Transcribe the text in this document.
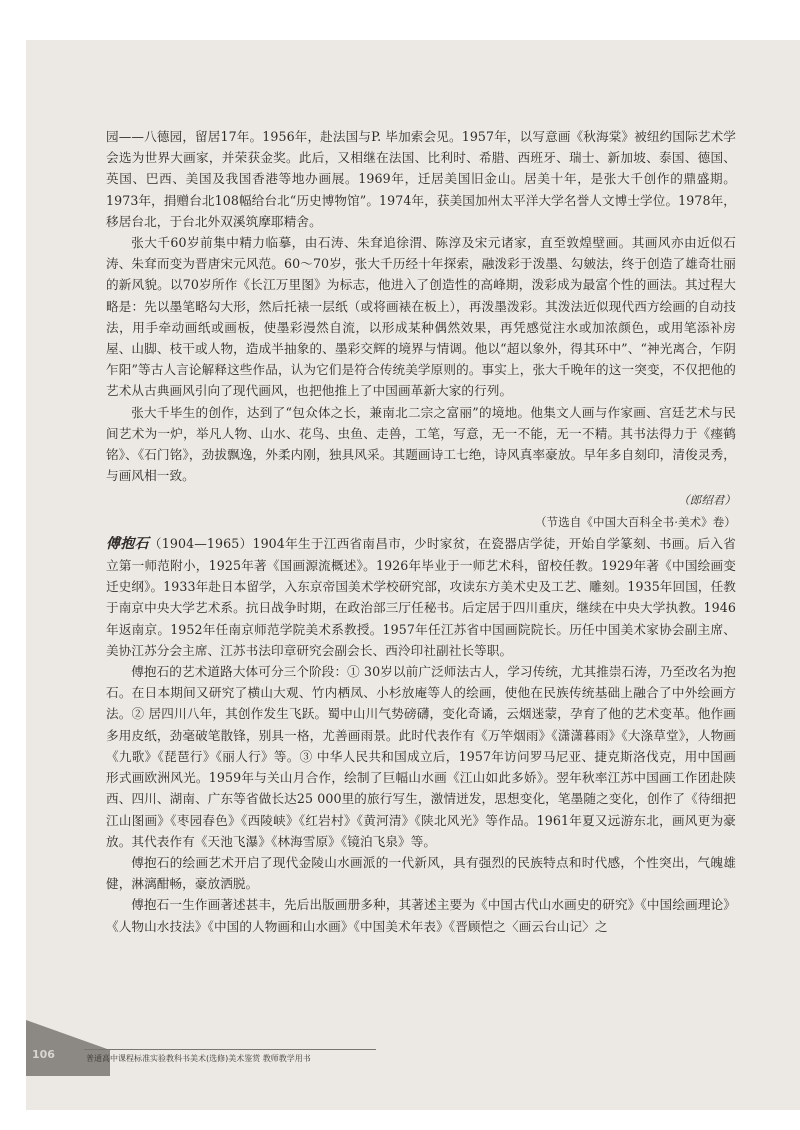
园——八德园，留居17年。1956年，赴法国与P. 毕加索会见。1957年，以写意画《秋海棠》被纽约国际艺术学会选为世界大画家，并荣获金奖。此后，又相继在法国、比利时、希腊、西班牙、瑞士、新加坡、泰国、德国、英国、巴西、美国及我国香港等地办画展。1969年，迁居美国旧金山。居美十年，是张大千创作的鼎盛期。1973年，捐赠台北108幅给台北“历史博物馆”。1974年，获美国加州太平洋大学名誉人文博士学位。1978年，移居台北，于台北外双溪筑摩耶精舍。

张大千60岁前集中精力临摹，由石涛、朱耷追徐渭、陈淳及宋元诸家，直至敦煌壁画。其画风亦由近似石涛、朱耷而变为晋唐宋元风范。60～70岁，张大千历经十年探索，融泼彩于泼墨、勾皴法，终于创造了雄奇壮丽的新风貌。以70岁所作《长江万里图》为标志，他进入了创造性的高峰期，泼彩成为最富个性的画法。其过程大略是：先以墨笔略勾大形，然后托裱一层纸（或将画裱在板上），再泼墨泼彩。其泼法近似现代西方绘画的自动技法，用手牵动画纸或画板，使墨彩漫然自流，以形成某种偶然效果，再凭感觉注水或加浓颜色，或用笔添补房屋、山脚、枝干或人物，造成半抽象的、墨彩交辉的境界与情调。他以“超以象外，得其环中”、“神光离合，乍阴乍阳”等古人言论解释这些作品，认为它们是符合传统美学原则的。事实上，张大千晚年的这一突变，不仅把他的艺术从古典画风引向了现代画风，也把他推上了中国画革新大家的行列。

张大千毕生的创作，达到了“包众体之长，兼南北二宗之富丽”的境地。他集文人画与作家画、宫廷艺术与民间艺术为一炉，举凡人物、山水、花鸟、虫鱼、走兽，工笔，写意，无一不能，无一不精。其书法得力于《瘗鹤铭》、《石门铭》，劲拔飘逸，外柔内刚，独具风采。其题画诗工七绝，诗风真率豪放。早年多自刻印，清俊灵秀，与画风相一致。

（郎绍君）

（节选自《中国大百科全书·美术》卷）

傅抱石（1904—1965）1904年生于江西省南昌市，少时家贫，在瓷器店学徒，开始自学篆刻、书画。后入省立第一师范附小，1925年著《国画源流概述》。1926年毕业于一师艺术科，留校任教。1929年著《中国绘画变迁史纲》。1933年赴日本留学，入东京帝国美术学校研究部，攻读东方美术史及工艺、雕刻。1935年回国，任教于南京中央大学艺术系。抗日战争时期，在政治部三厅任秘书。后定居于四川重庆，继续在中央大学执教。1946年返南京。1952年任南京师范学院美术系教授。1957年任江苏省中国画院院长。历任中国美术家协会副主席、美协江苏分会主席、江苏书法印章研究会副会长、西泠印社副社长等职。

傅抱石的艺术道路大体可分三个阶段：① 30岁以前广泛师法古人，学习传统，尤其推崇石涛，乃至改名为抱石。在日本期间又研究了横山大观、竹内栖凤、小杉放庵等人的绘画，使他在民族传统基础上融合了中外绘画方法。② 居四川八年，其创作发生飞跃。蜀中山川气势磅礴，变化奇谲，云烟迷蒙，孕育了他的艺术变革。他作画多用皮纸，劲毫破笔散锋，别具一格，尤善画雨景。此时代表作有《万竿烟雨》《潇潇暮雨》《大涤草堂》，人物画《九歌》《琵琶行》《丽人行》等。③ 中华人民共和国成立后，1957年访问罗马尼亚、捷克斯洛伐克，用中国画形式画欧洲风光。1959年与关山月合作，绘制了巨幅山水画《江山如此多娇》。翌年秋率江苏中国画工作团赴陕西、四川、湖南、广东等省做长达25 000里的旅行写生，激情迸发，思想变化，笔墨随之变化，创作了《待细把江山图画》《枣园春色》《西陵峡》《红岩村》《黄河清》《陕北风光》等作品。1961年夏又远游东北，画风更为豪放。其代表作有《天池飞瀑》《林海雪原》《镜泊飞泉》等。

傅抱石的绘画艺术开启了现代金陵山水画派的一代新风，具有强烈的民族特点和时代感，个性突出，气魄雄健，淋漓酣畅，豪放洒脱。

傅抱石一生作画著述甚丰，先后出版画册多种，其著述主要为《中国古代山水画史的研究》《中国绘画理论》《人物山水技法》《中国的人物画和山水画》《中国美术年表》《晋顾恺之〈画云台山记〉之

106	普通高中课程标准实验教科书美术(选修)美术鉴赏 教师教学用书
